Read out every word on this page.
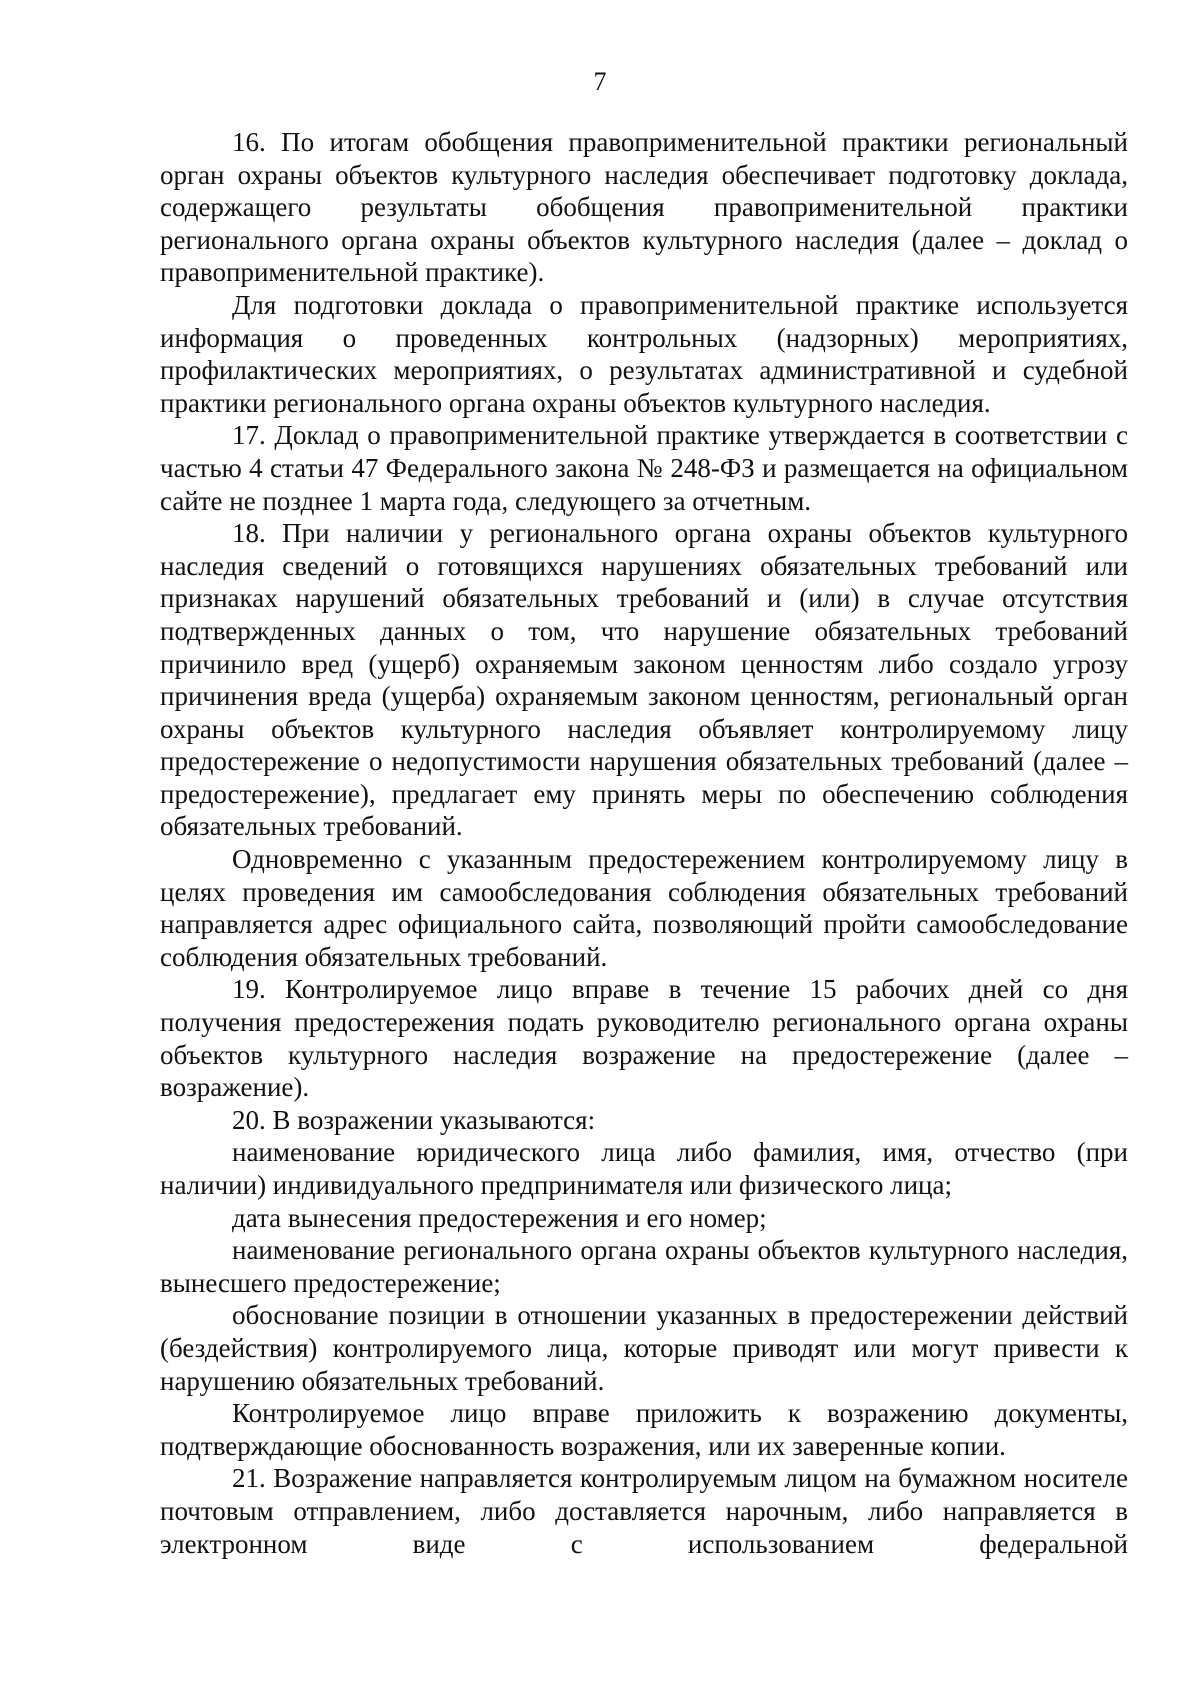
7

16. По итогам обобщения правоприменительной практики региональный орган охраны объектов культурного наследия обеспечивает подготовку доклада, содержащего результаты обобщения правоприменительной практики регионального органа охраны объектов культурного наследия (далее – доклад о правоприменительной практике).

Для подготовки доклада о правоприменительной практике используется информация о проведенных контрольных (надзорных) мероприятиях, профилактических мероприятиях, о результатах административной и судебной практики регионального органа охраны объектов культурного наследия.

17. Доклад о правоприменительной практике утверждается в соответствии с частью 4 статьи 47 Федерального закона № 248-ФЗ и размещается на официальном сайте не позднее 1 марта года, следующего за отчетным.

18. При наличии у регионального органа охраны объектов культурного наследия сведений о готовящихся нарушениях обязательных требований или признаках нарушений обязательных требований и (или) в случае отсутствия подтвержденных данных о том, что нарушение обязательных требований причинило вред (ущерб) охраняемым законом ценностям либо создало угрозу причинения вреда (ущерба) охраняемым законом ценностям, региональный орган охраны объектов культурного наследия объявляет контролируемому лицу предостережение о недопустимости нарушения обязательных требований (далее – предостережение), предлагает ему принять меры по обеспечению соблюдения обязательных требований.

Одновременно с указанным предостережением контролируемому лицу в целях проведения им самообследования соблюдения обязательных требований направляется адрес официального сайта, позволяющий пройти самообследование соблюдения обязательных требований.

19. Контролируемое лицо вправе в течение 15 рабочих дней со дня получения предостережения подать руководителю регионального органа охраны объектов культурного наследия возражение на предостережение (далее – возражение).

20. В возражении указываются:

наименование юридического лица либо фамилия, имя, отчество (при наличии) индивидуального предпринимателя или физического лица;

дата вынесения предостережения и его номер;

наименование регионального органа охраны объектов культурного наследия, вынесшего предостережение;

обоснование позиции в отношении указанных в предостережении действий (бездействия) контролируемого лица, которые приводят или могут привести к нарушению обязательных требований.

Контролируемое лицо вправе приложить к возражению документы, подтверждающие обоснованность возражения, или их заверенные копии.

21. Возражение направляется контролируемым лицом на бумажном носителе почтовым отправлением, либо доставляется нарочным, либо направляется в электронном виде с использованием федеральной
